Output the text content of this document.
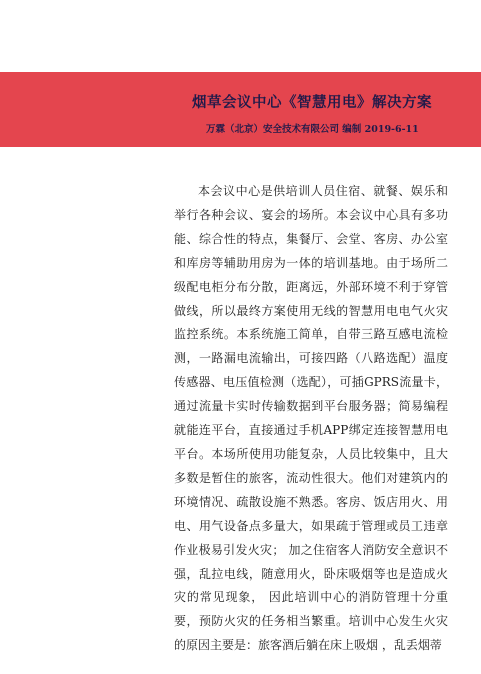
烟草会议中心《智慧用电》解决方案
万霖（北京）安全技术有限公司 编制 2019-6-11

本会议中心是供培训人员住宿、就餐、娱乐和举行各种会议、宴会的场所。本会议中心具有多功能、综合性的特点，集餐厅、会堂、客房、办公室和库房等辅助用房为一体的培训基地。由于场所二级配电柜分布分散，距离远，外部环境不利于穿管做线，所以最终方案使用无线的智慧用电电气火灾监控系统。本系统施工简单，自带三路互感电流检测，一路漏电流输出，可接四路（八路选配）温度传感器、电压值检测（选配），可插GPRS流量卡，通过流量卡实时传输数据到平台服务器；简易编程就能连平台，直接通过手机APP绑定连接智慧用电平台。本场所使用功能复杂，人员比较集中，且大多数是暂住的旅客，流动性很大。他们对建筑内的环境情况、疏散设施不熟悉。客房、饭店用火、用电、用气设备点多量大，如果疏于管理或员工违章作业极易引发火灾； 加之住宿客人消防安全意识不强，乱拉电线，随意用火，卧床吸烟等也是造成火灾的常见现象， 因此培训中心的消防管理十分重要，预防火灾的任务相当繁重。培训中心发生火灾的原因主要是：旅客酒后躺在床上吸烟 ，乱丢烟蒂
